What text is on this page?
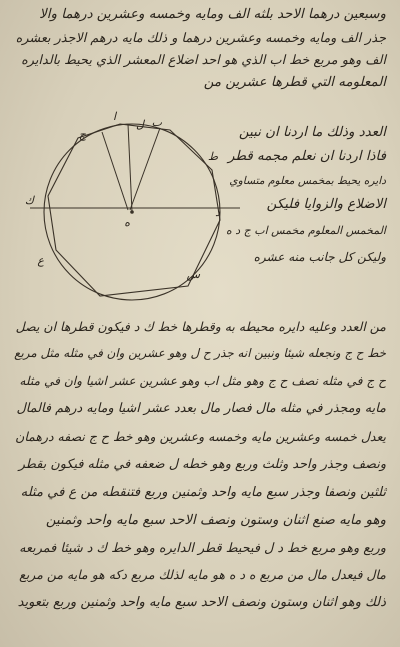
وسبعين درهما الاحد بلثه الف ومايه وخمسه وعشرين درهما والا
جذر الف ومايه وخمسه وعشرين درهما و ذلك مايه درهم الاجذر بعشره
الف وهو مربع خط اب الذي هو احد اضلاع المعشر الذي يحيط بالدايره
المعلومه التي قطرها عشرين من
العدد وذلك ما اردنا ان نبين
فاذا اردنا ان نعلم مجمه قطر
دايره يحيط بمخمس معلوم متساوي
الاضلاع والزوايا فليكن
المخمس المعلوم مخمس اب ج د ه
وليكن كل جانب منه عشره
ا	ب
ج
ه
د
ك
ل
ع
ط
س
من العدد وعليه دايره محيطه به وقطرها خط ك د فيكون قطرها ان يصل
خط ح ج ونجعله شيئا ونبين انه جذر ح ل وهو عشرين وان في مثله مثل مربع
ح ج في مثله نصف ح ج وهو مثل اب وهو عشرين عشر اشيا وان في مثله
مايه ومجذر في مثله مال فصار مال بعدد عشر اشيا ومايه درهم فالمال
يعدل خمسه وعشرين مايه وخمسه وعشرين وهو خط ح ج نصفه درهمان
ونصف وجذر واحد وثلث وربع وهو خطه ل ضعفه في مثله فيكون بقطر
ثلثين ونصفا وجذر سبع مايه واحد وثمنين وربع فتنقطه من ع في مثله
وهو مايه صنع اثنان وستون ونصف الاحد سبع مايه واحد وثمنين
وربع وهو مربع خط د ل فيحيط قطر الدايره وهو خط ك د شيئا فمربعه
مال فيعدل مال من مربع ه د ه هو مايه لذلك مربع دكه هو مايه من مربع
ذلك وهو اثنان وستون ونصف الاحد سبع مايه واحد وثمنين وربع بتعويد
